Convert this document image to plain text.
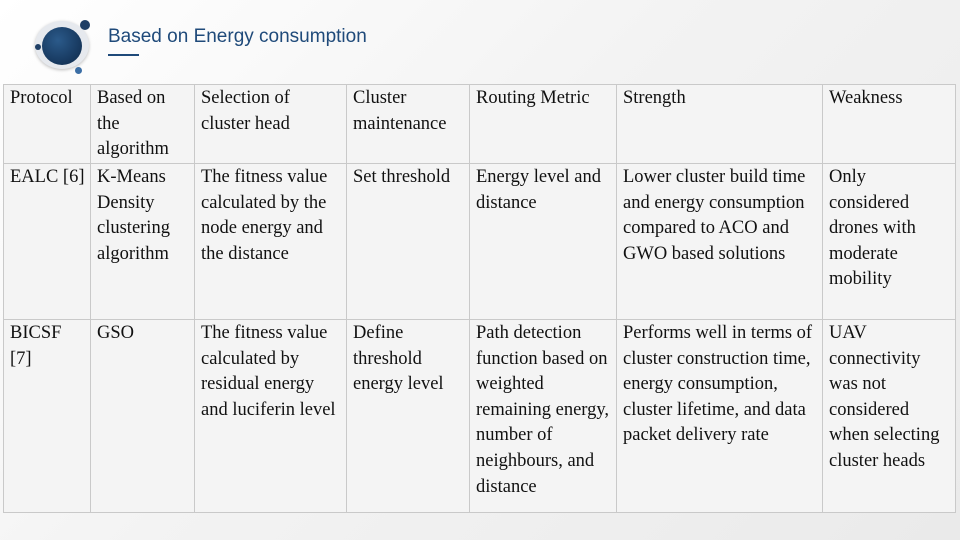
Based on Energy consumption
Protocol	Based on the algorithm	Selection of cluster head	Cluster maintenance	Routing Metric	Strength	Weakness
EALC [6]	K-Means Density clustering algorithm	The fitness value calculated by the node energy and the distance	Set threshold	Energy level and distance	Lower cluster build time and energy consumption compared to ACO and GWO based solutions	Only considered drones with moderate mobility
BICSF [7]	GSO	The fitness value calculated by residual energy and luciferin level	Define threshold energy level	Path detection function based on weighted remaining energy, number of neighbours, and distance	Performs well in terms of cluster construction time, energy consumption, cluster lifetime, and data packet delivery rate	UAV connectivity was not considered when selecting cluster heads
